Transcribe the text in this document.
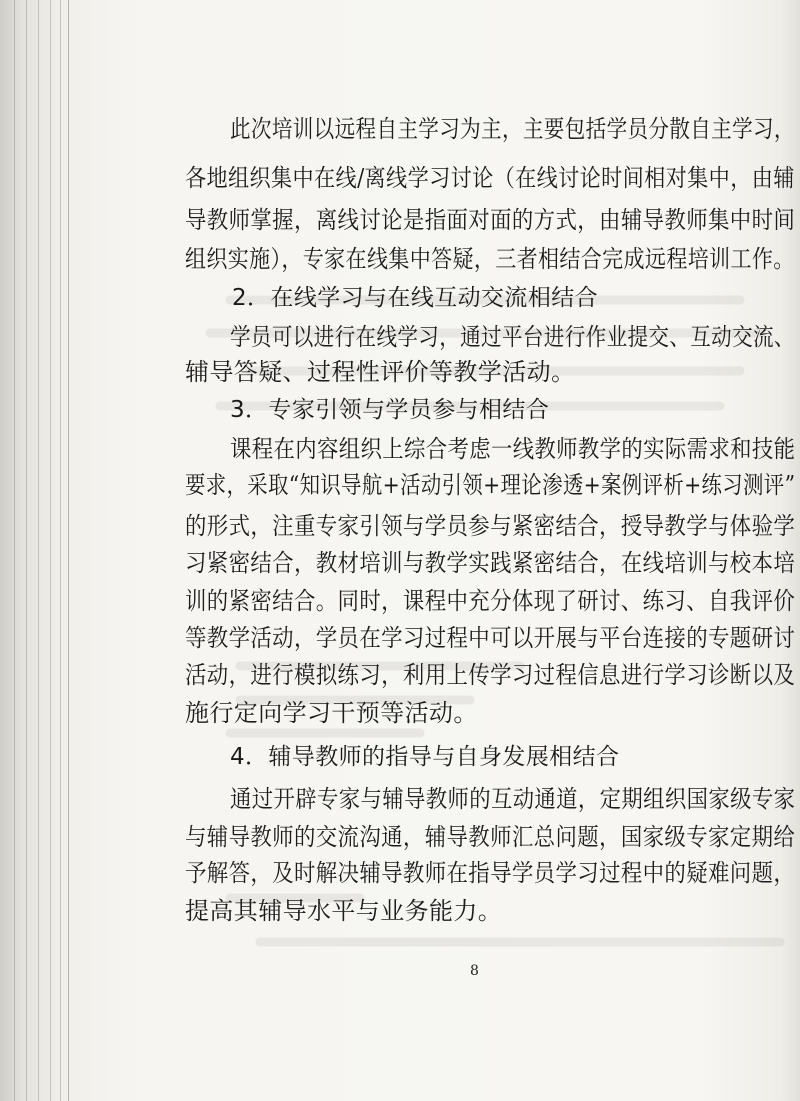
此次培训以远程自主学习为主，主要包括学员分散自主学习，
各地组织集中在线/离线学习讨论（在线讨论时间相对集中，由辅
导教师掌握，离线讨论是指面对面的方式，由辅导教师集中时间
组织实施），专家在线集中答疑，三者相结合完成远程培训工作。
2．在线学习与在线互动交流相结合
学员可以进行在线学习，通过平台进行作业提交、互动交流、
辅导答疑、过程性评价等教学活动。
3．专家引领与学员参与相结合
课程在内容组织上综合考虑一线教师教学的实际需求和技能
要求，采取“知识导航+活动引领+理论渗透+案例评析+练习测评”
的形式，注重专家引领与学员参与紧密结合，授导教学与体验学
习紧密结合，教材培训与教学实践紧密结合，在线培训与校本培
训的紧密结合。同时，课程中充分体现了研讨、练习、自我评价
等教学活动，学员在学习过程中可以开展与平台连接的专题研讨
活动，进行模拟练习，利用上传学习过程信息进行学习诊断以及
施行定向学习干预等活动。
4．辅导教师的指导与自身发展相结合
通过开辟专家与辅导教师的互动通道，定期组织国家级专家
与辅导教师的交流沟通，辅导教师汇总问题，国家级专家定期给
予解答，及时解决辅导教师在指导学员学习过程中的疑难问题，
提高其辅导水平与业务能力。
8
